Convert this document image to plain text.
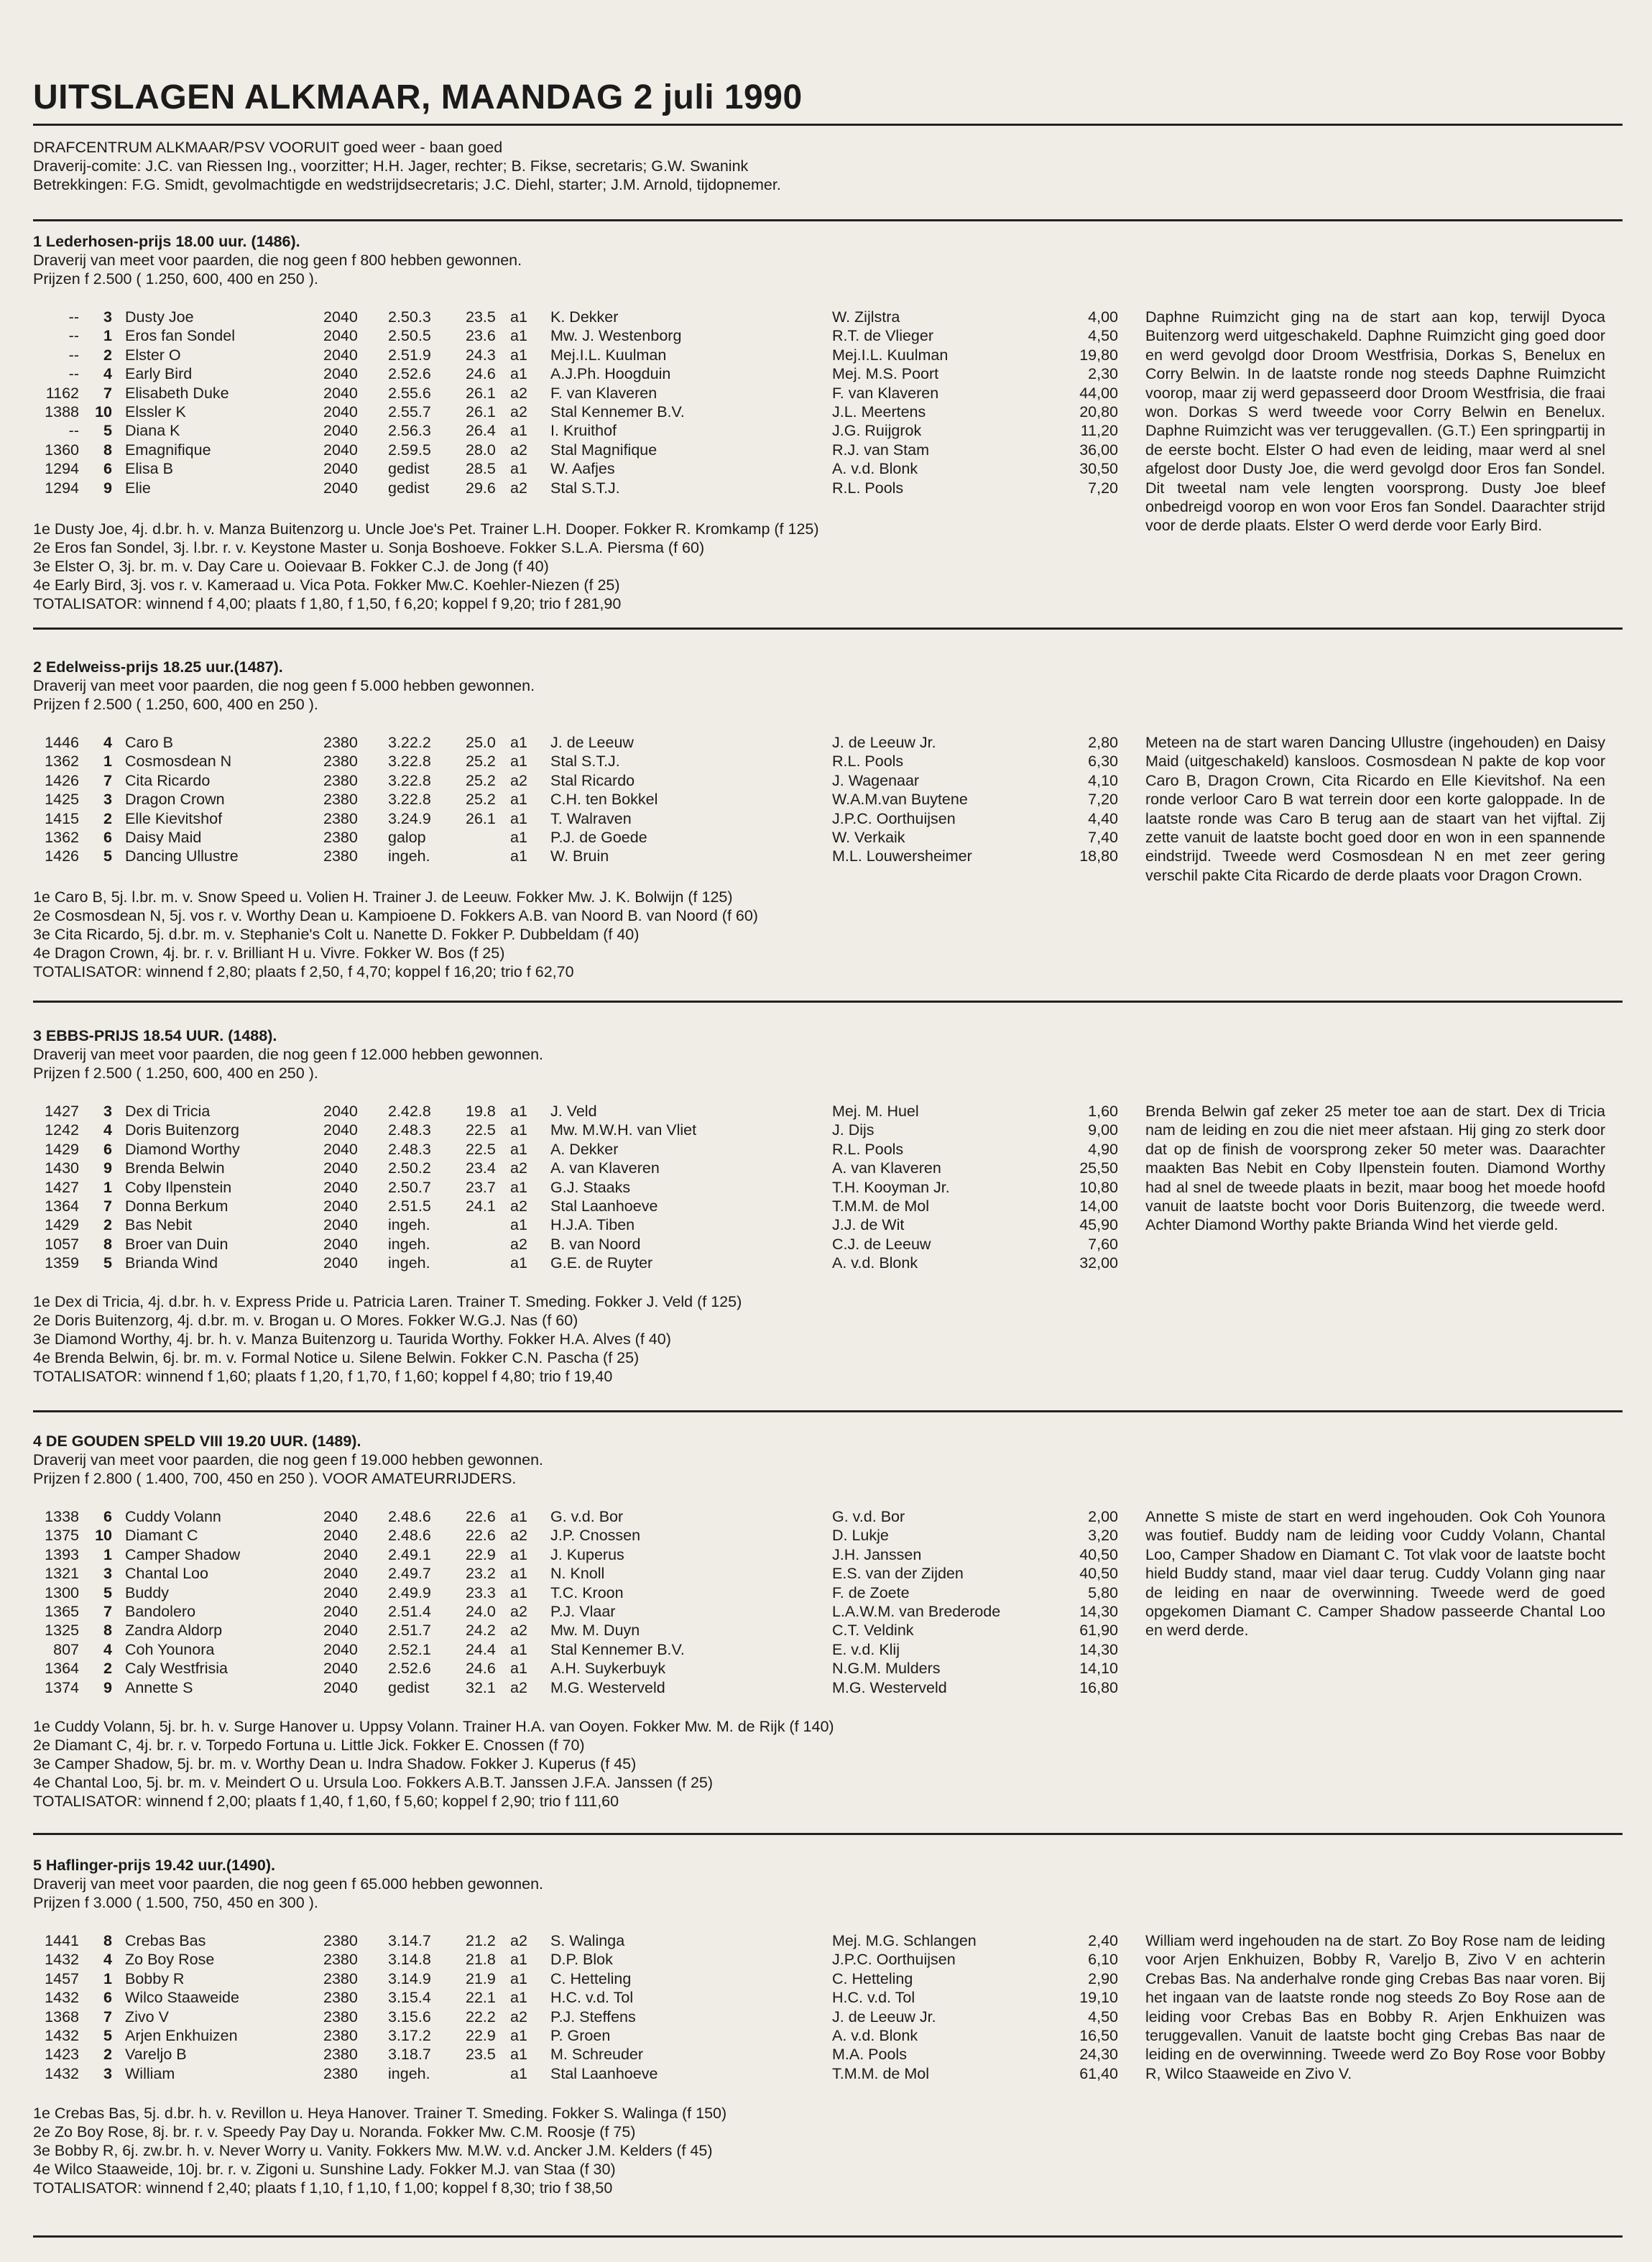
UITSLAGEN ALKMAAR, MAANDAG 2 juli 1990
DRAFCENTRUM ALKMAAR/PSV VOORUIT goed weer - baan goed
Draverij-comite: J.C. van Riessen Ing., voorzitter; H.H. Jager, rechter; B. Fikse, secretaris; G.W. Swanink
Betrekkingen: F.G. Smidt, gevolmachtigde en wedstrijdsecretaris; J.C. Diehl, starter; J.M. Arnold, tijdopnemer.
1 Lederhosen-prijs 18.00 uur. (1486).
Draverij van meet voor paarden, die nog geen f 800 hebben gewonnen.
Prijzen f 2.500 ( 1.250, 600, 400 en 250 ).
--	3 Dusty Joe	2040 2.50.3 23.5 a1 K. Dekker	W. Zijlstra	4,00
--	1 Eros fan Sondel	2040 2.50.5 23.6 a1 Mw. J. Westenborg	R.T. de Vlieger	4,50
--	2 Elster O	2040 2.51.9 24.3 a1 Mej.I.L. Kuulman	Mej.I.L. Kuulman	19,80
--	4 Early Bird	2040 2.52.6 24.6 a1 A.J.Ph. Hoogduin	Mej. M.S. Poort	2,30
1162	7 Elisabeth Duke	2040 2.55.6 26.1 a2 F. van Klaveren	F. van Klaveren	44,00
1388	10 Elssler K	2040 2.55.7 26.1 a2 Stal Kennemer B.V.	J.L. Meertens	20,80
--	5 Diana K	2040 2.56.3 26.4 a1 I. Kruithof	J.G. Ruijgrok	11,20
1360	8 Emagnifique	2040 2.59.5 28.0 a2 Stal Magnifique	R.J. van Stam	36,00
1294	6 Elisa B	2040 gedist 28.5 a1 W. Aafjes	A. v.d. Blonk	30,50
1294	9 Elie	2040 gedist 29.6 a2 Stal S.T.J.	R.L. Pools	7,20
Daphne Ruimzicht ging na de start aan kop, terwijl Dyoca Buitenzorg werd uitgeschakeld. Daphne Ruimzicht ging goed door en werd gevolgd door Droom Westfrisia, Dorkas S, Benelux en Corry Belwin. In de laatste ronde nog steeds Daphne Ruimzicht voorop, maar zij werd gepasseerd door Droom Westfrisia, die fraai won. Dorkas S werd tweede voor Corry Belwin en Benelux. Daphne Ruimzicht was ver teruggevallen. (G.T.) Een springpartij in de eerste bocht. Elster O had even de leiding, maar werd al snel afgelost door Dusty Joe, die werd gevolgd door Eros fan Sondel. Dit tweetal nam vele lengten voorsprong. Dusty Joe bleef onbedreigd voorop en won voor Eros fan Sondel. Daarachter strijd voor de derde plaats. Elster O werd derde voor Early Bird.
1e Dusty Joe, 4j. d.br. h. v. Manza Buitenzorg u. Uncle Joe's Pet. Trainer L.H. Dooper. Fokker R. Kromkamp (f 125)
2e Eros fan Sondel, 3j. l.br. r. v. Keystone Master u. Sonja Boshoeve. Fokker S.L.A. Piersma (f 60)
3e Elster O, 3j. br. m. v. Day Care u. Ooievaar B. Fokker C.J. de Jong (f 40)
4e Early Bird, 3j. vos r. v. Kameraad u. Vica Pota. Fokker Mw.C. Koehler-Niezen (f 25)
TOTALISATOR: winnend f 4,00; plaats f 1,80, f 1,50, f 6,20; koppel f 9,20; trio f 281,90
2 Edelweiss-prijs 18.25 uur.(1487).
Draverij van meet voor paarden, die nog geen f 5.000 hebben gewonnen.
Prijzen f 2.500 ( 1.250, 600, 400 en 250 ).
1446	4 Caro B	2380 3.22.2 25.0 a1 J. de Leeuw	J. de Leeuw Jr.	2,80
1362	1 Cosmosdean N	2380 3.22.8 25.2 a1 Stal S.T.J.	R.L. Pools	6,30
1426	7 Cita Ricardo	2380 3.22.8 25.2 a2 Stal Ricardo	J. Wagenaar	4,10
1425	3 Dragon Crown	2380 3.22.8 25.2 a1 C.H. ten Bokkel	W.A.M.van Buytene	7,20
1415	2 Elle Kievitshof	2380 3.24.9 26.1 a1 T. Walraven	J.P.C. Oorthuijsen	4,40
1362	6 Daisy Maid	2380 galop	a1 P.J. de Goede	W. Verkaik	7,40
1426	5 Dancing Ullustre	2380 ingeh.	a1 W. Bruin	M.L. Louwersheimer	18,80
Meteen na de start waren Dancing Ullustre (ingehouden) en Daisy Maid (uitgeschakeld) kansloos. Cosmosdean N pakte de kop voor Caro B, Dragon Crown, Cita Ricardo en Elle Kievitshof. Na een ronde verloor Caro B wat terrein door een korte galoppade. In de laatste ronde was Caro B terug aan de staart van het vijftal. Zij zette vanuit de laatste bocht goed door en won in een spannende eindstrijd. Tweede werd Cosmosdean N en met zeer gering verschil pakte Cita Ricardo de derde plaats voor Dragon Crown.
1e Caro B, 5j. l.br. m. v. Snow Speed u. Volien H. Trainer J. de Leeuw. Fokker Mw. J. K. Bolwijn (f 125)
2e Cosmosdean N, 5j. vos r. v. Worthy Dean u. Kampioene D. Fokkers A.B. van Noord B. van Noord (f 60)
3e Cita Ricardo, 5j. d.br. m. v. Stephanie's Colt u. Nanette D. Fokker P. Dubbeldam (f 40)
4e Dragon Crown, 4j. br. r. v. Brilliant H u. Vivre. Fokker W. Bos (f 25)
TOTALISATOR: winnend f 2,80; plaats f 2,50, f 4,70; koppel f 16,20; trio f 62,70
3 EBBS-PRIJS 18.54 UUR. (1488).
Draverij van meet voor paarden, die nog geen f 12.000 hebben gewonnen.
Prijzen f 2.500 ( 1.250, 600, 400 en 250 ).
1427	3 Dex di Tricia	2040 2.42.8 19.8 a1 J. Veld	Mej. M. Huel	1,60
1242	4 Doris Buitenzorg	2040 2.48.3 22.5 a1 Mw. M.W.H. van Vliet	J. Dijs	9,00
1429	6 Diamond Worthy	2040 2.48.3 22.5 a1 A. Dekker	R.L. Pools	4,90
1430	9 Brenda Belwin	2040 2.50.2 23.4 a2 A. van Klaveren	A. van Klaveren	25,50
1427	1 Coby Ilpenstein	2040 2.50.7 23.7 a1 G.J. Staaks	T.H. Kooyman Jr.	10,80
1364	7 Donna Berkum	2040 2.51.5 24.1 a2 Stal Laanhoeve	T.M.M. de Mol	14,00
1429	2 Bas Nebit	2040 ingeh.	a1 H.J.A. Tiben	J.J. de Wit	45,90
1057	8 Broer van Duin	2040 ingeh.	a2 B. van Noord	C.J. de Leeuw	7,60
1359	5 Brianda Wind	2040 ingeh.	a1 G.E. de Ruyter	A. v.d. Blonk	32,00
Brenda Belwin gaf zeker 25 meter toe aan de start. Dex di Tricia nam de leiding en zou die niet meer afstaan. Hij ging zo sterk door dat op de finish de voorsprong zeker 50 meter was. Daarachter maakten Bas Nebit en Coby Ilpenstein fouten. Diamond Worthy had al snel de tweede plaats in bezit, maar boog het moede hoofd vanuit de laatste bocht voor Doris Buitenzorg, die tweede werd. Achter Diamond Worthy pakte Brianda Wind het vierde geld.
1e Dex di Tricia, 4j. d.br. h. v. Express Pride u. Patricia Laren. Trainer T. Smeding. Fokker J. Veld (f 125)
2e Doris Buitenzorg, 4j. d.br. m. v. Brogan u. O Mores. Fokker W.G.J. Nas (f 60)
3e Diamond Worthy, 4j. br. h. v. Manza Buitenzorg u. Taurida Worthy. Fokker H.A. Alves (f 40)
4e Brenda Belwin, 6j. br. m. v. Formal Notice u. Silene Belwin. Fokker C.N. Pascha (f 25)
TOTALISATOR: winnend f 1,60; plaats f 1,20, f 1,70, f 1,60; koppel f 4,80; trio f 19,40
4 DE GOUDEN SPELD VIII 19.20 UUR. (1489).
Draverij van meet voor paarden, die nog geen f 19.000 hebben gewonnen.
Prijzen f 2.800 ( 1.400, 700, 450 en 250 ). VOOR AMATEURRIJDERS.
1338	6 Cuddy Volann	2040 2.48.6 22.6 a1 G. v.d. Bor	G. v.d. Bor	2,00
1375	10 Diamant C	2040 2.48.6 22.6 a2 J.P. Cnossen	D. Lukje	3,20
1393	1 Camper Shadow	2040 2.49.1 22.9 a1 J. Kuperus	J.H. Janssen	40,50
1321	3 Chantal Loo	2040 2.49.7 23.2 a1 N. Knoll	E.S. van der Zijden	40,50
1300	5 Buddy	2040 2.49.9 23.3 a1 T.C. Kroon	F. de Zoete	5,80
1365	7 Bandolero	2040 2.51.4 24.0 a2 P.J. Vlaar	L.A.W.M. van Brederode	14,30
1325	8 Zandra Aldorp	2040 2.51.7 24.2 a2 Mw. M. Duyn	C.T. Veldink	61,90
807	4 Coh Younora	2040 2.52.1 24.4 a1 Stal Kennemer B.V.	E. v.d. Klij	14,30
1364	2 Caly Westfrisia	2040 2.52.6 24.6 a1 A.H. Suykerbuyk	N.G.M. Mulders	14,10
1374	9 Annette S	2040 gedist 32.1 a2 M.G. Westerveld	M.G. Westerveld	16,80
Annette S miste de start en werd ingehouden. Ook Coh Younora was foutief. Buddy nam de leiding voor Cuddy Volann, Chantal Loo, Camper Shadow en Diamant C. Tot vlak voor de laatste bocht hield Buddy stand, maar viel daar terug. Cuddy Volann ging naar de leiding en naar de overwinning. Tweede werd de goed opgekomen Diamant C. Camper Shadow passeerde Chantal Loo en werd derde.
1e Cuddy Volann, 5j. br. h. v. Surge Hanover u. Uppsy Volann. Trainer H.A. van Ooyen. Fokker Mw. M. de Rijk (f 140)
2e Diamant C, 4j. br. r. v. Torpedo Fortuna u. Little Jick. Fokker E. Cnossen (f 70)
3e Camper Shadow, 5j. br. m. v. Worthy Dean u. Indra Shadow. Fokker J. Kuperus (f 45)
4e Chantal Loo, 5j. br. m. v. Meindert O u. Ursula Loo. Fokkers A.B.T. Janssen J.F.A. Janssen (f 25)
TOTALISATOR: winnend f 2,00; plaats f 1,40, f 1,60, f 5,60; koppel f 2,90; trio f 111,60
5 Haflinger-prijs 19.42 uur.(1490).
Draverij van meet voor paarden, die nog geen f 65.000 hebben gewonnen.
Prijzen f 3.000 ( 1.500, 750, 450 en 300 ).
1441	8 Crebas Bas	2380 3.14.7 21.2 a2 S. Walinga	Mej. M.G. Schlangen	2,40
1432	4 Zo Boy Rose	2380 3.14.8 21.8 a1 D.P. Blok	J.P.C. Oorthuijsen	6,10
1457	1 Bobby R	2380 3.14.9 21.9 a1 C. Hetteling	C. Hetteling	2,90
1432	6 Wilco Staaweide	2380 3.15.4 22.1 a1 H.C. v.d. Tol	H.C. v.d. Tol	19,10
1368	7 Zivo V	2380 3.15.6 22.2 a2 P.J. Steffens	J. de Leeuw Jr.	4,50
1432	5 Arjen Enkhuizen	2380 3.17.2 22.9 a1 P. Groen	A. v.d. Blonk	16,50
1423	2 Vareljo B	2380 3.18.7 23.5 a1 M. Schreuder	M.A. Pools	24,30
1432	3 William	2380 ingeh.	a1 Stal Laanhoeve	T.M.M. de Mol	61,40
William werd ingehouden na de start. Zo Boy Rose nam de leiding voor Arjen Enkhuizen, Bobby R, Vareljo B, Zivo V en achterin Crebas Bas. Na anderhalve ronde ging Crebas Bas naar voren. Bij het ingaan van de laatste ronde nog steeds Zo Boy Rose aan de leiding voor Crebas Bas en Bobby R. Arjen Enkhuizen was teruggevallen. Vanuit de laatste bocht ging Crebas Bas naar de leiding en de overwinning. Tweede werd Zo Boy Rose voor Bobby R, Wilco Staaweide en Zivo V.
1e Crebas Bas, 5j. d.br. h. v. Revillon u. Heya Hanover. Trainer T. Smeding. Fokker S. Walinga (f 150)
2e Zo Boy Rose, 8j. br. r. v. Speedy Pay Day u. Noranda. Fokker Mw. C.M. Roosje (f 75)
3e Bobby R, 6j. zw.br. h. v. Never Worry u. Vanity. Fokkers Mw. M.W. v.d. Ancker J.M. Kelders (f 45)
4e Wilco Staaweide, 10j. br. r. v. Zigoni u. Sunshine Lady. Fokker M.J. van Staa (f 30)
TOTALISATOR: winnend f 2,40; plaats f 1,10, f 1,10, f 1,00; koppel f 8,30; trio f 38,50
